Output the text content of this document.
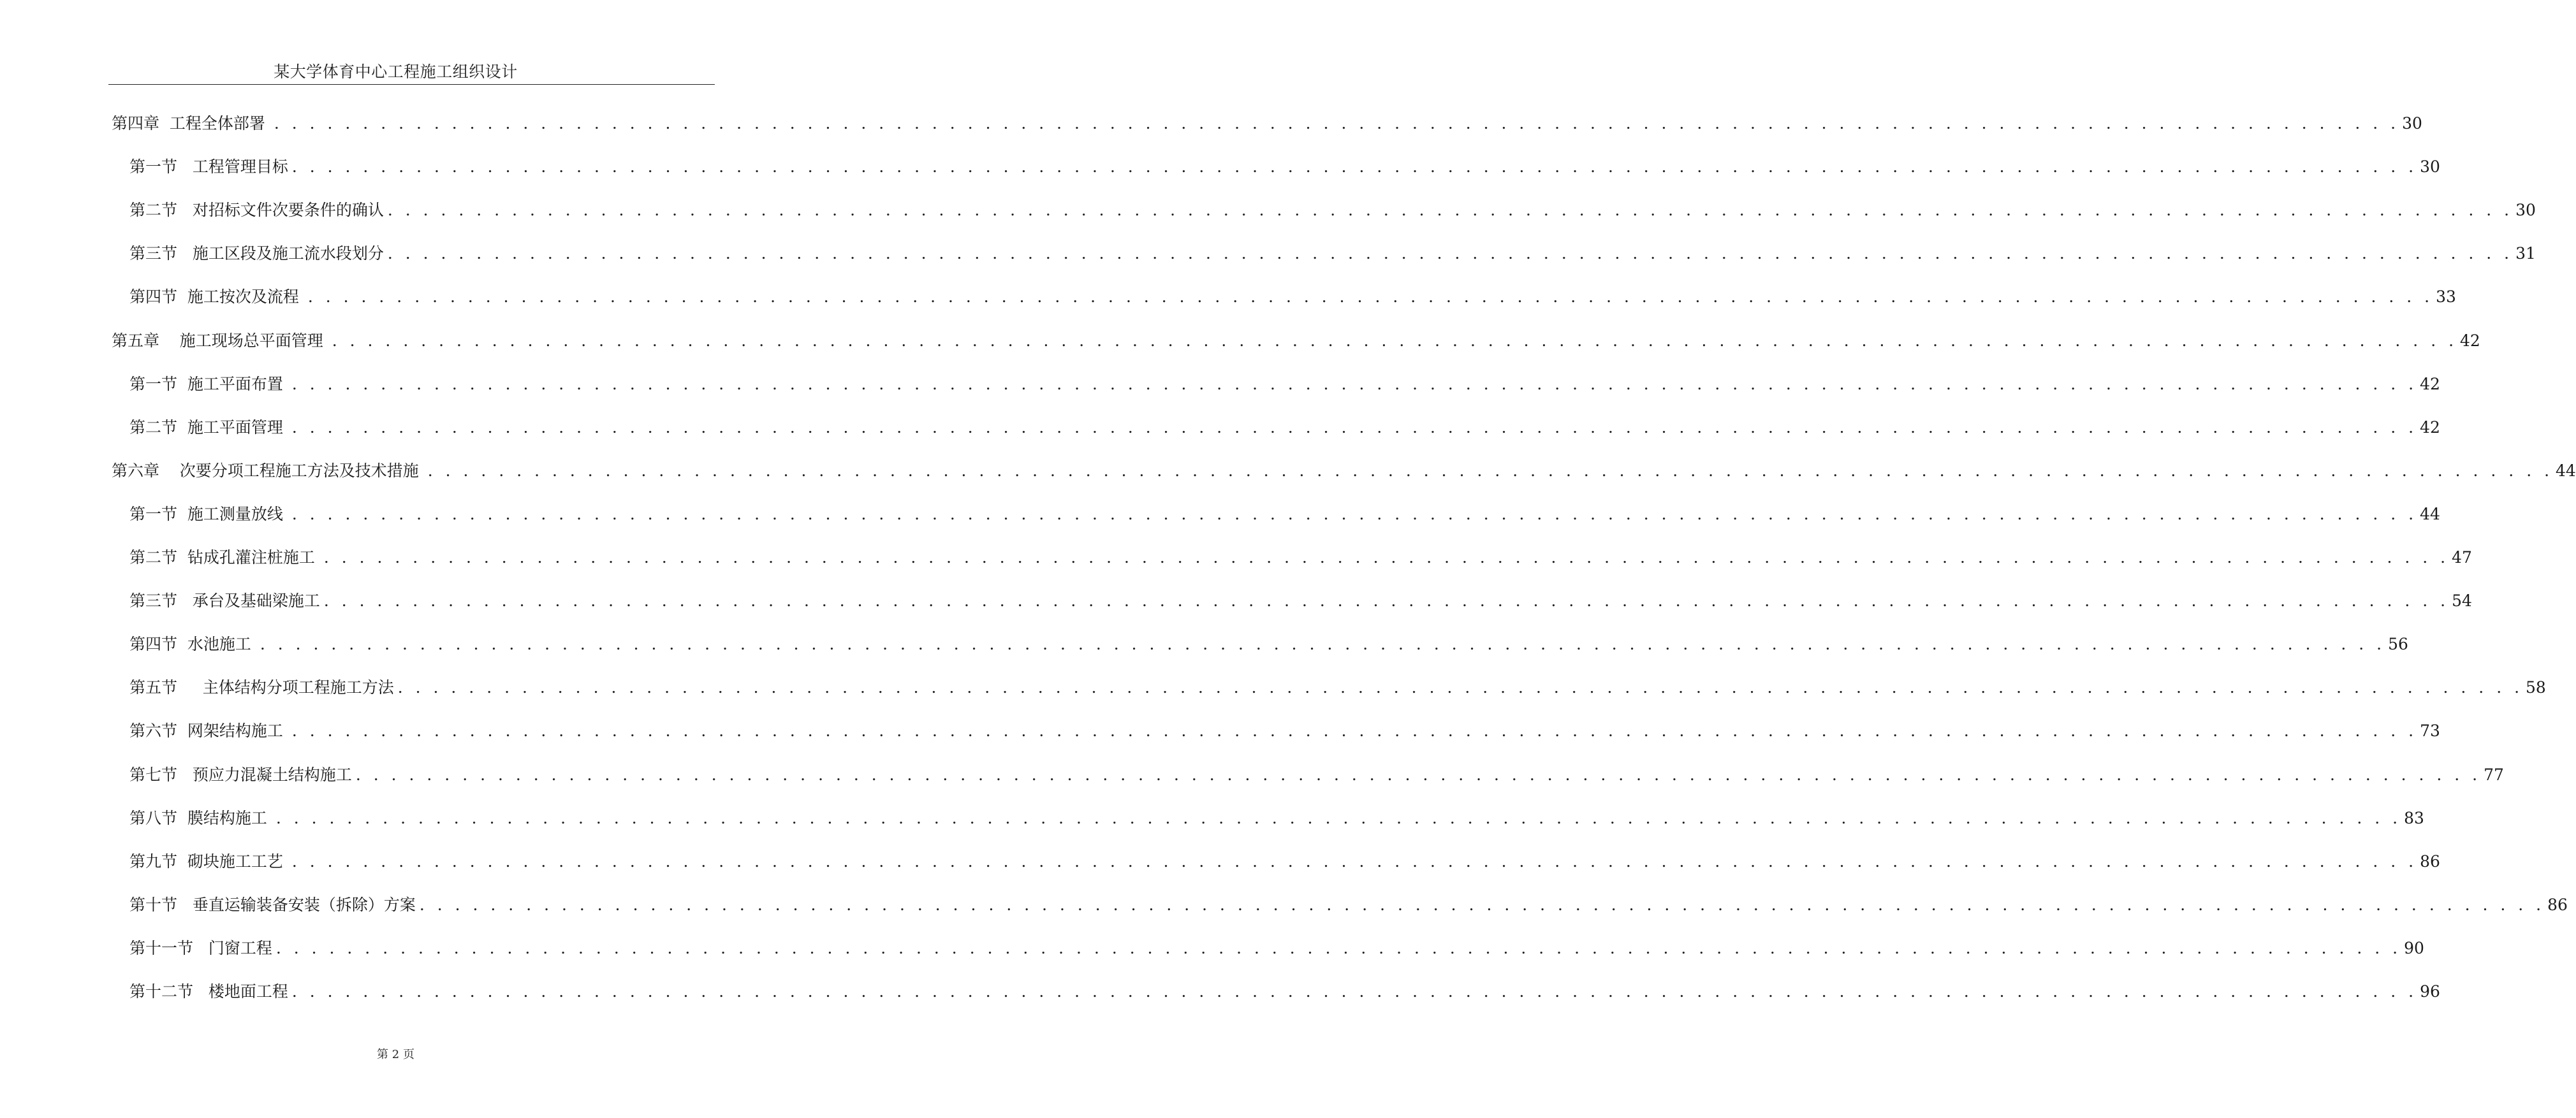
某大学体育中心工程施工组织设计
第四章  工程全体部署 . . . . . . . . . . . . . . . . . . . . . . . . . . . . . . . . . . . . . . . . . . . . . . . . . . . . . . . . . . . . . . . . . . . . . . . . . . . . . . . . . . . . . . . . . . . . . . . . . . . . . . . . . . . . . . . . . . . . . . . . 30
第一节   工程管理目标 . . . . . . . . . . . . . . . . . . . . . . . . . . . . . . . . . . . . . . . . . . . . . . . . . . . . . . . . . . . . . . . . . . . . . . . . . . . . . . . . . . . . . . . . . . . . . . . . . . . . . . . . . . . . . . . . . . . . . . . . 30
第二节   对招标文件次要条件的确认 . . . . . . . . . . . . . . . . . . . . . . . . . . . . . . . . . . . . . . . . . . . . . . . . . . . . . . . . . . . . . . . . . . . . . . . . . . . . . . . . . . . . . . . . . . . . . . . . . . . . . . . . . . . . . . . . . . . . . . . . 30
第三节   施工区段及施工流水段划分 . . . . . . . . . . . . . . . . . . . . . . . . . . . . . . . . . . . . . . . . . . . . . . . . . . . . . . . . . . . . . . . . . . . . . . . . . . . . . . . . . . . . . . . . . . . . . . . . . . . . . . . . . . . . . . . . . . . . . . . . 31
第四节  施工按次及流程 . . . . . . . . . . . . . . . . . . . . . . . . . . . . . . . . . . . . . . . . . . . . . . . . . . . . . . . . . . . . . . . . . . . . . . . . . . . . . . . . . . . . . . . . . . . . . . . . . . . . . . . . . . . . . . . . . . . . . . . . 33
第五章    施工现场总平面管理 . . . . . . . . . . . . . . . . . . . . . . . . . . . . . . . . . . . . . . . . . . . . . . . . . . . . . . . . . . . . . . . . . . . . . . . . . . . . . . . . . . . . . . . . . . . . . . . . . . . . . . . . . . . . . . . . . . . . . . . . 42
第一节  施工平面布置 . . . . . . . . . . . . . . . . . . . . . . . . . . . . . . . . . . . . . . . . . . . . . . . . . . . . . . . . . . . . . . . . . . . . . . . . . . . . . . . . . . . . . . . . . . . . . . . . . . . . . . . . . . . . . . . . . . . . . . . . 42
第二节  施工平面管理 . . . . . . . . . . . . . . . . . . . . . . . . . . . . . . . . . . . . . . . . . . . . . . . . . . . . . . . . . . . . . . . . . . . . . . . . . . . . . . . . . . . . . . . . . . . . . . . . . . . . . . . . . . . . . . . . . . . . . . . . 42
第六章    次要分项工程施工方法及技术措施 . . . . . . . . . . . . . . . . . . . . . . . . . . . . . . . . . . . . . . . . . . . . . . . . . . . . . . . . . . . . . . . . . . . . . . . . . . . . . . . . . . . . . . . . . . . . . . . . . . . . . . . . . . . . . . . . . . . . . . . . 44
第一节  施工测量放线 . . . . . . . . . . . . . . . . . . . . . . . . . . . . . . . . . . . . . . . . . . . . . . . . . . . . . . . . . . . . . . . . . . . . . . . . . . . . . . . . . . . . . . . . . . . . . . . . . . . . . . . . . . . . . . . . . . . . . . . . 44
第二节  钻成孔灌注桩施工 . . . . . . . . . . . . . . . . . . . . . . . . . . . . . . . . . . . . . . . . . . . . . . . . . . . . . . . . . . . . . . . . . . . . . . . . . . . . . . . . . . . . . . . . . . . . . . . . . . . . . . . . . . . . . . . . . . . . . . . . 47
第三节   承台及基础梁施工 . . . . . . . . . . . . . . . . . . . . . . . . . . . . . . . . . . . . . . . . . . . . . . . . . . . . . . . . . . . . . . . . . . . . . . . . . . . . . . . . . . . . . . . . . . . . . . . . . . . . . . . . . . . . . . . . . . . . . . . . 54
第四节  水池施工 . . . . . . . . . . . . . . . . . . . . . . . . . . . . . . . . . . . . . . . . . . . . . . . . . . . . . . . . . . . . . . . . . . . . . . . . . . . . . . . . . . . . . . . . . . . . . . . . . . . . . . . . . . . . . . . . . . . . . . . . 56
第五节     主体结构分项工程施工方法 . . . . . . . . . . . . . . . . . . . . . . . . . . . . . . . . . . . . . . . . . . . . . . . . . . . . . . . . . . . . . . . . . . . . . . . . . . . . . . . . . . . . . . . . . . . . . . . . . . . . . . . . . . . . . . . . . . . . . . . . 58
第六节  网架结构施工 . . . . . . . . . . . . . . . . . . . . . . . . . . . . . . . . . . . . . . . . . . . . . . . . . . . . . . . . . . . . . . . . . . . . . . . . . . . . . . . . . . . . . . . . . . . . . . . . . . . . . . . . . . . . . . . . . . . . . . . . 73
第七节   预应力混凝土结构施工 . . . . . . . . . . . . . . . . . . . . . . . . . . . . . . . . . . . . . . . . . . . . . . . . . . . . . . . . . . . . . . . . . . . . . . . . . . . . . . . . . . . . . . . . . . . . . . . . . . . . . . . . . . . . . . . . . . . . . . . . 77
第八节  膜结构施工 . . . . . . . . . . . . . . . . . . . . . . . . . . . . . . . . . . . . . . . . . . . . . . . . . . . . . . . . . . . . . . . . . . . . . . . . . . . . . . . . . . . . . . . . . . . . . . . . . . . . . . . . . . . . . . . . . . . . . . . . 83
第九节  砌块施工工艺 . . . . . . . . . . . . . . . . . . . . . . . . . . . . . . . . . . . . . . . . . . . . . . . . . . . . . . . . . . . . . . . . . . . . . . . . . . . . . . . . . . . . . . . . . . . . . . . . . . . . . . . . . . . . . . . . . . . . . . . . 86
第十节   垂直运输装备安装（拆除）方案 . . . . . . . . . . . . . . . . . . . . . . . . . . . . . . . . . . . . . . . . . . . . . . . . . . . . . . . . . . . . . . . . . . . . . . . . . . . . . . . . . . . . . . . . . . . . . . . . . . . . . . . . . . . . . . . . . . . . . . . . 86
第十一节   门窗工程 . . . . . . . . . . . . . . . . . . . . . . . . . . . . . . . . . . . . . . . . . . . . . . . . . . . . . . . . . . . . . . . . . . . . . . . . . . . . . . . . . . . . . . . . . . . . . . . . . . . . . . . . . . . . . . . . . . . . . . . . 90
第十二节   楼地面工程 . . . . . . . . . . . . . . . . . . . . . . . . . . . . . . . . . . . . . . . . . . . . . . . . . . . . . . . . . . . . . . . . . . . . . . . . . . . . . . . . . . . . . . . . . . . . . . . . . . . . . . . . . . . . . . . . . . . . . . . . 96
第 2 页
